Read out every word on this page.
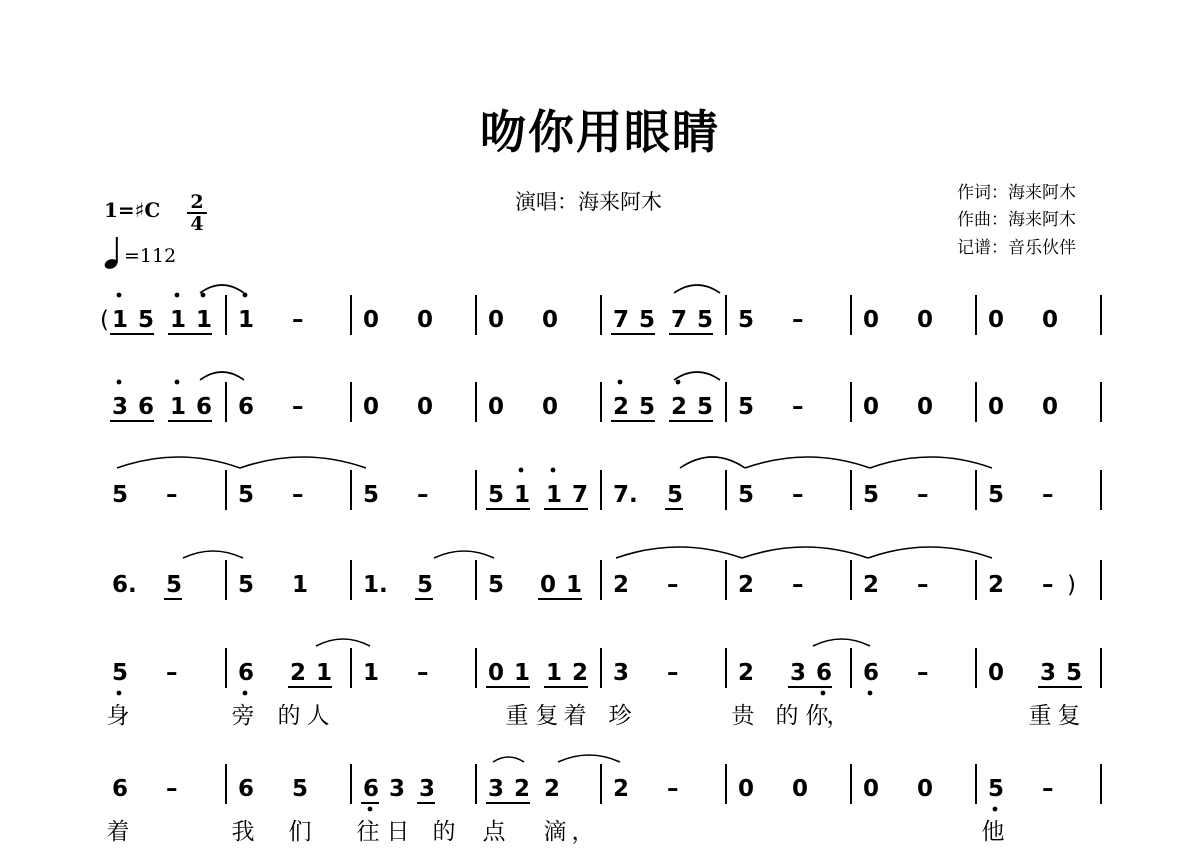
吻你用眼睛
演唱：海来阿木	作词：海来阿木
作曲：海来阿木
记谱：音乐伙伴
1=♯C 2
4
=112
1 5 1 1 1 –	0 0 0 0 7 5 7 5 5 –	0 0 0 0
3 6 1 6 6 –	0 0 0 0 2 5 2 5 5 –	0 0 0 0
5 –	5 –	5 –	5 1 1 7 7. 5 5 –	5 –	5 –
6. 5 5 1 1. 5 5 0 1 2 –	2 –	2 –	2 –
5 –	6 2 1 1 –	0 1 1 2 3 –	2 3 6 6 –	0 3 5
6 –	6 5 6 3 3 3 2 2 2 –	0 0 0 0 5 –
(
)
身	旁 的 人	重 复 着 珍	贵 的 你
，	重 复
着	我 们 往 日 的 点 滴 ，	他
